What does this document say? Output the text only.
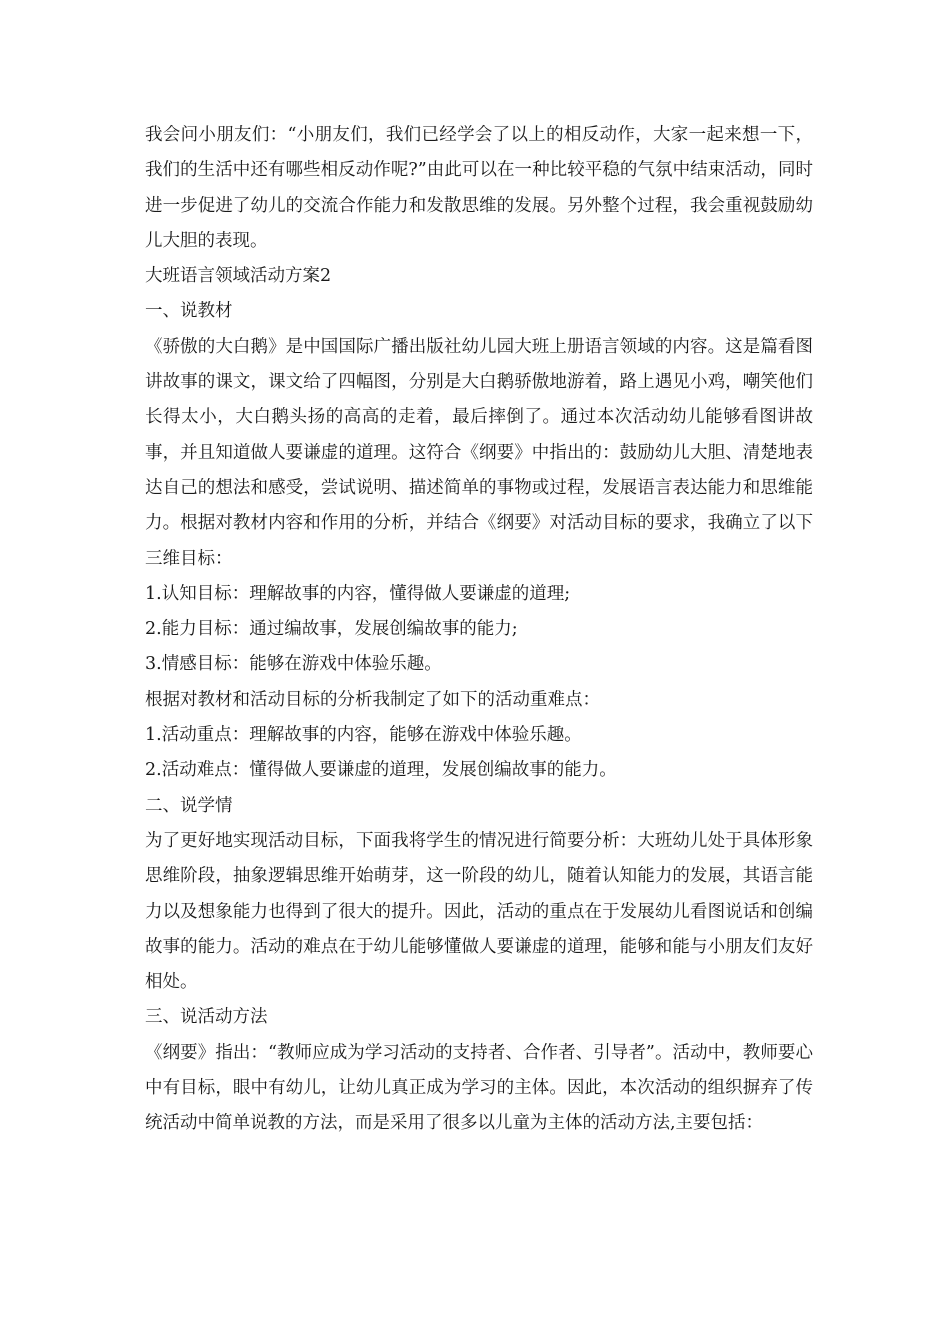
我会问小朋友们：“小朋友们，我们已经学会了以上的相反动作，大家一起来想一下，我们的生活中还有哪些相反动作呢?”由此可以在一种比较平稳的气氛中结束活动，同时进一步促进了幼儿的交流合作能力和发散思维的发展。另外整个过程，我会重视鼓励幼儿大胆的表现。

大班语言领域活动方案2

一、说教材

《骄傲的大白鹅》是中国国际广播出版社幼儿园大班上册语言领域的内容。这是篇看图讲故事的课文，课文给了四幅图，分别是大白鹅骄傲地游着，路上遇见小鸡，嘲笑他们长得太小，大白鹅头扬的高高的走着，最后摔倒了。通过本次活动幼儿能够看图讲故事，并且知道做人要谦虚的道理。这符合《纲要》中指出的：鼓励幼儿大胆、清楚地表达自己的想法和感受，尝试说明、描述简单的事物或过程，发展语言表达能力和思维能力。根据对教材内容和作用的分析，并结合《纲要》对活动目标的要求，我确立了以下三维目标：

1.认知目标：理解故事的内容，懂得做人要谦虚的道理;

2.能力目标：通过编故事，发展创编故事的能力;

3.情感目标：能够在游戏中体验乐趣。

根据对教材和活动目标的分析我制定了如下的活动重难点：

1.活动重点：理解故事的内容，能够在游戏中体验乐趣。

2.活动难点：懂得做人要谦虚的道理，发展创编故事的能力。

二、说学情

为了更好地实现活动目标，下面我将学生的情况进行简要分析：大班幼儿处于具体形象思维阶段，抽象逻辑思维开始萌芽，这一阶段的幼儿，随着认知能力的发展，其语言能力以及想象能力也得到了很大的提升。因此，活动的重点在于发展幼儿看图说话和创编故事的能力。活动的难点在于幼儿能够懂做人要谦虚的道理，能够和能与小朋友们友好相处。

三、说活动方法

《纲要》指出：“教师应成为学习活动的支持者、合作者、引导者”。活动中，教师要心中有目标，眼中有幼儿，让幼儿真正成为学习的主体。因此，本次活动的组织摒弃了传统活动中简单说教的方法，而是采用了很多以儿童为主体的活动方法,主要包括：
